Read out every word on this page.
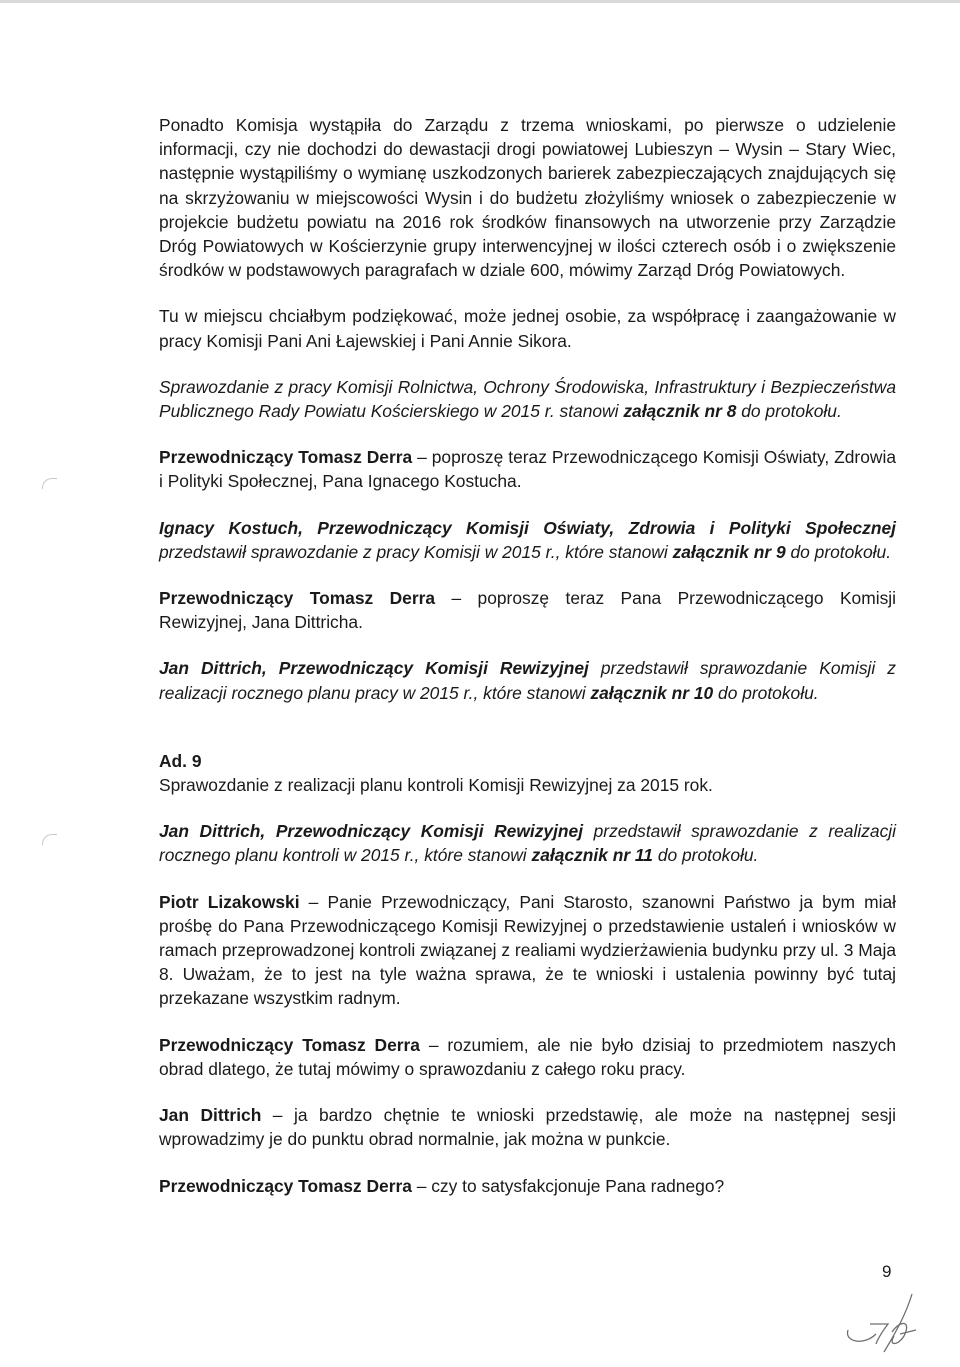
Ponadto Komisja wystąpiła do Zarządu z trzema wnioskami, po pierwsze o udzielenie informacji, czy nie dochodzi do dewastacji drogi powiatowej Lubieszyn – Wysin – Stary Wiec, następnie wystąpiliśmy o wymianę uszkodzonych barierek zabezpieczających znajdujących się na skrzyżowaniu w miejscowości Wysin i do budżetu złożyliśmy wniosek o zabezpieczenie w projekcie budżetu powiatu na 2016 rok środków finansowych na utworzenie przy Zarządzie Dróg Powiatowych w Kościerzynie grupy interwencyjnej w ilości czterech osób i o zwiększenie środków w podstawowych paragrafach w dziale 600, mówimy Zarząd Dróg Powiatowych.

Tu w miejscu chciałbym podziękować, może jednej osobie, za współpracę i zaangażowanie w pracy Komisji Pani Ani Łajewskiej i Pani Annie Sikora.

Sprawozdanie z pracy Komisji Rolnictwa, Ochrony Środowiska, Infrastruktury i Bezpieczeństwa Publicznego Rady Powiatu Kościerskiego w 2015 r. stanowi załącznik nr 8 do protokołu.

Przewodniczący Tomasz Derra – poproszę teraz Przewodniczącego Komisji Oświaty, Zdrowia i Polityki Społecznej, Pana Ignacego Kostucha.

Ignacy Kostuch, Przewodniczący Komisji Oświaty, Zdrowia i Polityki Społecznej przedstawił sprawozdanie z pracy Komisji w 2015 r., które stanowi załącznik nr 9 do protokołu.

Przewodniczący Tomasz Derra – poproszę teraz Pana Przewodniczącego Komisji Rewizyjnej, Jana Dittricha.

Jan Dittrich, Przewodniczący Komisji Rewizyjnej przedstawił sprawozdanie Komisji z realizacji rocznego planu pracy w 2015 r., które stanowi załącznik nr 10 do protokołu.

Ad. 9

Sprawozdanie z realizacji planu kontroli Komisji Rewizyjnej za 2015 rok.

Jan Dittrich, Przewodniczący Komisji Rewizyjnej przedstawił sprawozdanie z realizacji rocznego planu kontroli w 2015 r., które stanowi załącznik nr 11 do protokołu.

Piotr Lizakowski – Panie Przewodniczący, Pani Starosto, szanowni Państwo ja bym miał prośbę do Pana Przewodniczącego Komisji Rewizyjnej o przedstawienie ustaleń i wniosków w ramach przeprowadzonej kontroli związanej z realiami wydzierżawienia budynku przy ul. 3 Maja 8. Uważam, że to jest na tyle ważna sprawa, że te wnioski i ustalenia powinny być tutaj przekazane wszystkim radnym.

Przewodniczący Tomasz Derra – rozumiem, ale nie było dzisiaj to przedmiotem naszych obrad dlatego, że tutaj mówimy o sprawozdaniu z całego roku pracy.

Jan Dittrich – ja bardzo chętnie te wnioski przedstawię, ale może na następnej sesji wprowadzimy je do punktu obrad normalnie, jak można w punkcie.

Przewodniczący Tomasz Derra – czy to satysfakcjonuje Pana radnego?

9
